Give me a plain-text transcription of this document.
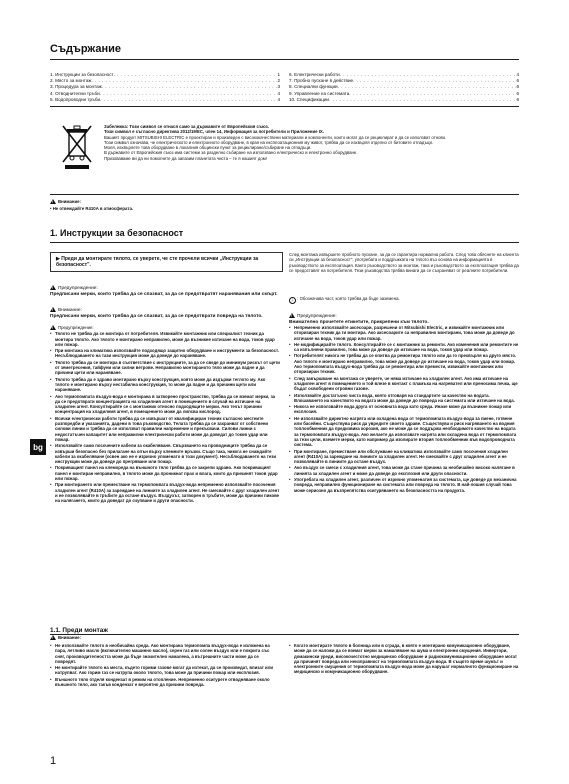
Съдържание
1. Инструкции за безопасност . . .	1
2. Място за монтаж . . .	2
3. Процедура за монтаж . . .	3
4. Отводнителни тръби . . .	4
5. Водопроводни тръби . . .	4
6. Електрически работи . . .	4
7. Пробно пускане в действие . . .	6
8. Специални функции . . .	6
9. Управление на системата . . .	6
10. Спецификации . . .	6
Забележка: Този символ се отнася само за държавите от Европейския съюз.
Този символ е съгласно директива 2012/19/ЕС, член 14, Информация за потребители и Приложение IX.
Вашият продукт MITSUBISHI ELECTRIC е проектиран и произведен с висококачествени материали и компоненти, които могат да се рециклират и да се използват отново.
Този символ означава, че електрическото и електронното оборудване, в края на експлоатационния му живот, трябва да се изхвърля отделно от битовите отпадъци.
Моля, изхвърлете това оборудване в локалния общински пункт за рециклиране/събиране на отпадъци.
В държавите от Европейския съюз има системи за разделно събиране на използвано електрическо и електронно оборудване.
Призоваваме ви да ни помогнете да запазим планетата чиста – те я нашият дом!
!Внимание:
• Не отвеждайте R410A в атмосферата.
1. Инструкции за безопасност
▶ Преди да монтирате тялото, се уверете, че сте прочели всички „Инструкции за безопасност".
!Предупреждение:
Предписани мерки, които трябва да се спазват, за да се предотвратят наранявания или смърт.
!Внимание:
Предписани мерки, които трябва да се спазват, за да се предотврати повреда на тялото.
След монтажа извършете пробното пускане, за да се гарантира нормална работа. След това обяснете на клиента си „Инструкции за безопасност", употребата и поддръжката на тялото въз основа на информацията в ръководството за експлоатация. Както ръководството за монтаж, така и ръководството за експлоатация трябва да се предоставят на потребителя. Тези ръководства трябва винаги да се съхраняват от реалните потребители.
⏚ : Обозначава част, която трябва да бъде заземена.
!Предупреждение:
Внимателно прочетете етикетите, прикрепени към тялото.
!Предупреждение:
• Тялото не трябва да се монтира от потребителя. Извикайте монтажник или специалист техник да монтира тялото. Ако тялото е монтирано неправилно, може да възникне изтичане на вода, токов удар или пожар.
• При монтажа на климатика използвайте подходящо защитно оборудване и инструменти за безопасност. Несъблюдаването на тази инструкция може да доведе до нараняване.
• Тялото трябва да се монтира в съответствие с инструкциите, за да се сведе до минимум рискът от щети от земетресения, тайфуни или силни ветрове. Неправилно монтираното тяло може да падне и да причини щети или нараняване.
• Тялото трябва да е здраво монтирано върху конструкция, която може да издържи теглото му. Ако тялото е монтирано върху нестабилна конструкция, то може да падне и да причини щети или нараняване.
• Ако термопомпата въздух-вода е монтирана в затворено пространство, трябва да се вземат мерки, за да се предотврати концентрацията на хладилния агент в помещението в случай на изтичане на хладилен агент. Консултирайте се с монтажник относно подходящите мерки. Ако течът причини концентрация на хладилния агент, в помещението може да липсва кислород.
• Всички електрически работи трябва да се извършат от квалифициран техник съгласно местните разпоредби и указанията, дадени в това ръководство. Телата трябва да се захранват от собствени силови линии и трябва да се използват правилни напрежение и прекъсвачи. Силови линии с недостатъчен капацитет или неправилни електрически работи може да доведат до токов удар или пожар.
• Използвайте само посочените кабели за окабеляване. Свързването на проводниците трябва да се извърши безопасно без прилагане на опън върху клемните връзки. Също така, никога не снаждайте кабели за окабеляване (освен ако не е изрично упоменато в този документ). Несъблюдаването на тези инструкции може да доведе до прегряване или пожар.
• Покриващият панел на клемореда на външното тяло трябва да се закрепи здраво. Ако покриващият панел е монтиран неправилно, в тялото може да проникнат прах и влага, които да причинят токов удар или пожар.
• При монтирането или преместване на термопомпата въздух-вода непременно използвайте посочения хладилен агент (R410A) за зареждане на линиите за хладилен агент. Не смесвайте с друг хладилен агент и не позволявайте в тръбите да остане въздух. Въздухът, затворен в тръбите, може да причини пикове на налягането, които да доведат до счупване и други опасности.
• Непременно използвайте аксесоари, разрешени от Mitsubishi Electric, и извикайте монтажник или оторизиран техник да ги монтира. Ако аксесоарите са неправилно монтирани, това може да доведе до изтичане на вода, токов удар или пожар.
• Не модифицирайте тялото. Консултирайте се с монтажник за ремонти. Ако изменения или ремонтите не са изпълнени правилно, това може да доведе до изтичане на вода, токов удар или пожар.
• Потребителят никога не трябва да се опитва да ремонтира тялото или да го прехвърля на друго място. Ако тялото е монтирано неправилно, това може да доведе до изтичане на вода, токов удар или пожар. Ако термопомпата въздух-вода трябва да се ремонтира или премести, извикайте монтажник или оторизиран техник.
• След завършване на монтажа се уверете, че няма изтичане на хладилен агент. Ако има изтичане на хладилен агент в помещението и той влезе в контакт с пламъка на нагревател или преносима печка, ще бъдат освободени отровни газове.
• Използвайте достатъчно чиста вода, която отговаря на стандартите за качество на водата. Влошаването на качеството на водата може да доведе до повреда на системата или изтичане на вода.
• Никога не използвайте вода друга от основната вода като среда. Иначе може да възникне пожар или експлозия.
• Не използвайте директно нагрята или охладена вода от термопомпата въздух-вода за пиене, готвене или басейни. Съществува риск да увредите своето здраве. Съществува и риск нагряването на водния топлообменник да предизвика корозия, ако не може да се поддържа необходимото качество на водата за термопомпата въздух-вода. Ако желаете да използвате нагрята или охладена вода от термопомпата за тези цели, вземете мерки, като например да изолирате втория топлообменник във водопроводната система.
• При монтиране, преместване или обслужване на климатика използвайте само посочения хладилен агент (R410A) за зареждане на линиите за хладилен агент. Не смесвайте с друг хладилен агент и не позволявайте в линиите да остане въздух.
• Ако въздух се смеси с хладилния агент, това може да стане причина за необичайно високо налягане в линията за хладилен агент и може да доведе до експлозия или други опасности.
• Употребата на хладилен агент, различен от изрично упоменатия за системата, ще доведе до механична повреда, неправилно функциониране на системата или повреда на тялото. В най-лошия случай това може сериозно да възпрепятства осигуряването на безопасността на продукта.
bg
1.1. Преди монтаж
!Внимание:
• Не използвайте тялото в необичайна среда. Ако монтирана термопомпа въздух-вода е изложена на пара, летливо масло (включително машинно масло), серен газ или солен въздух или е покрита със сняг, производителността може да бъде значително намалена, а вътрешните части може да се повредят.
• Не монтирайте тялото на места, където горими газове могат да изтекат, да се произведат, влизат или натрупват. Ако горим газ се натрупа около тялото, това може да причини пожар или експлозия.
• Външното тяло отделя кондензат в режим на отопление. Непременно осигурете отводняване около външното тяло, ако такъв кондензат е вероятно да причини повреда.
• Когато монтирате тялото в болница или в сграда, в която е монтирано комуникационно оборудване, може да се наложи да се вземат мерки за намаляване на шума и електронни смущения. Инвертори, домакински уреди, високочестотно медицинско оборудване и радиокомуникационно оборудване могат да причинят повреда или неизправност на термопомпата въздух-вода. В същото време шумът и електронните смущения от термопомпата въздух-вода може да нарушат нормалното функциониране на медицинско и комуникационно оборудване.
1
